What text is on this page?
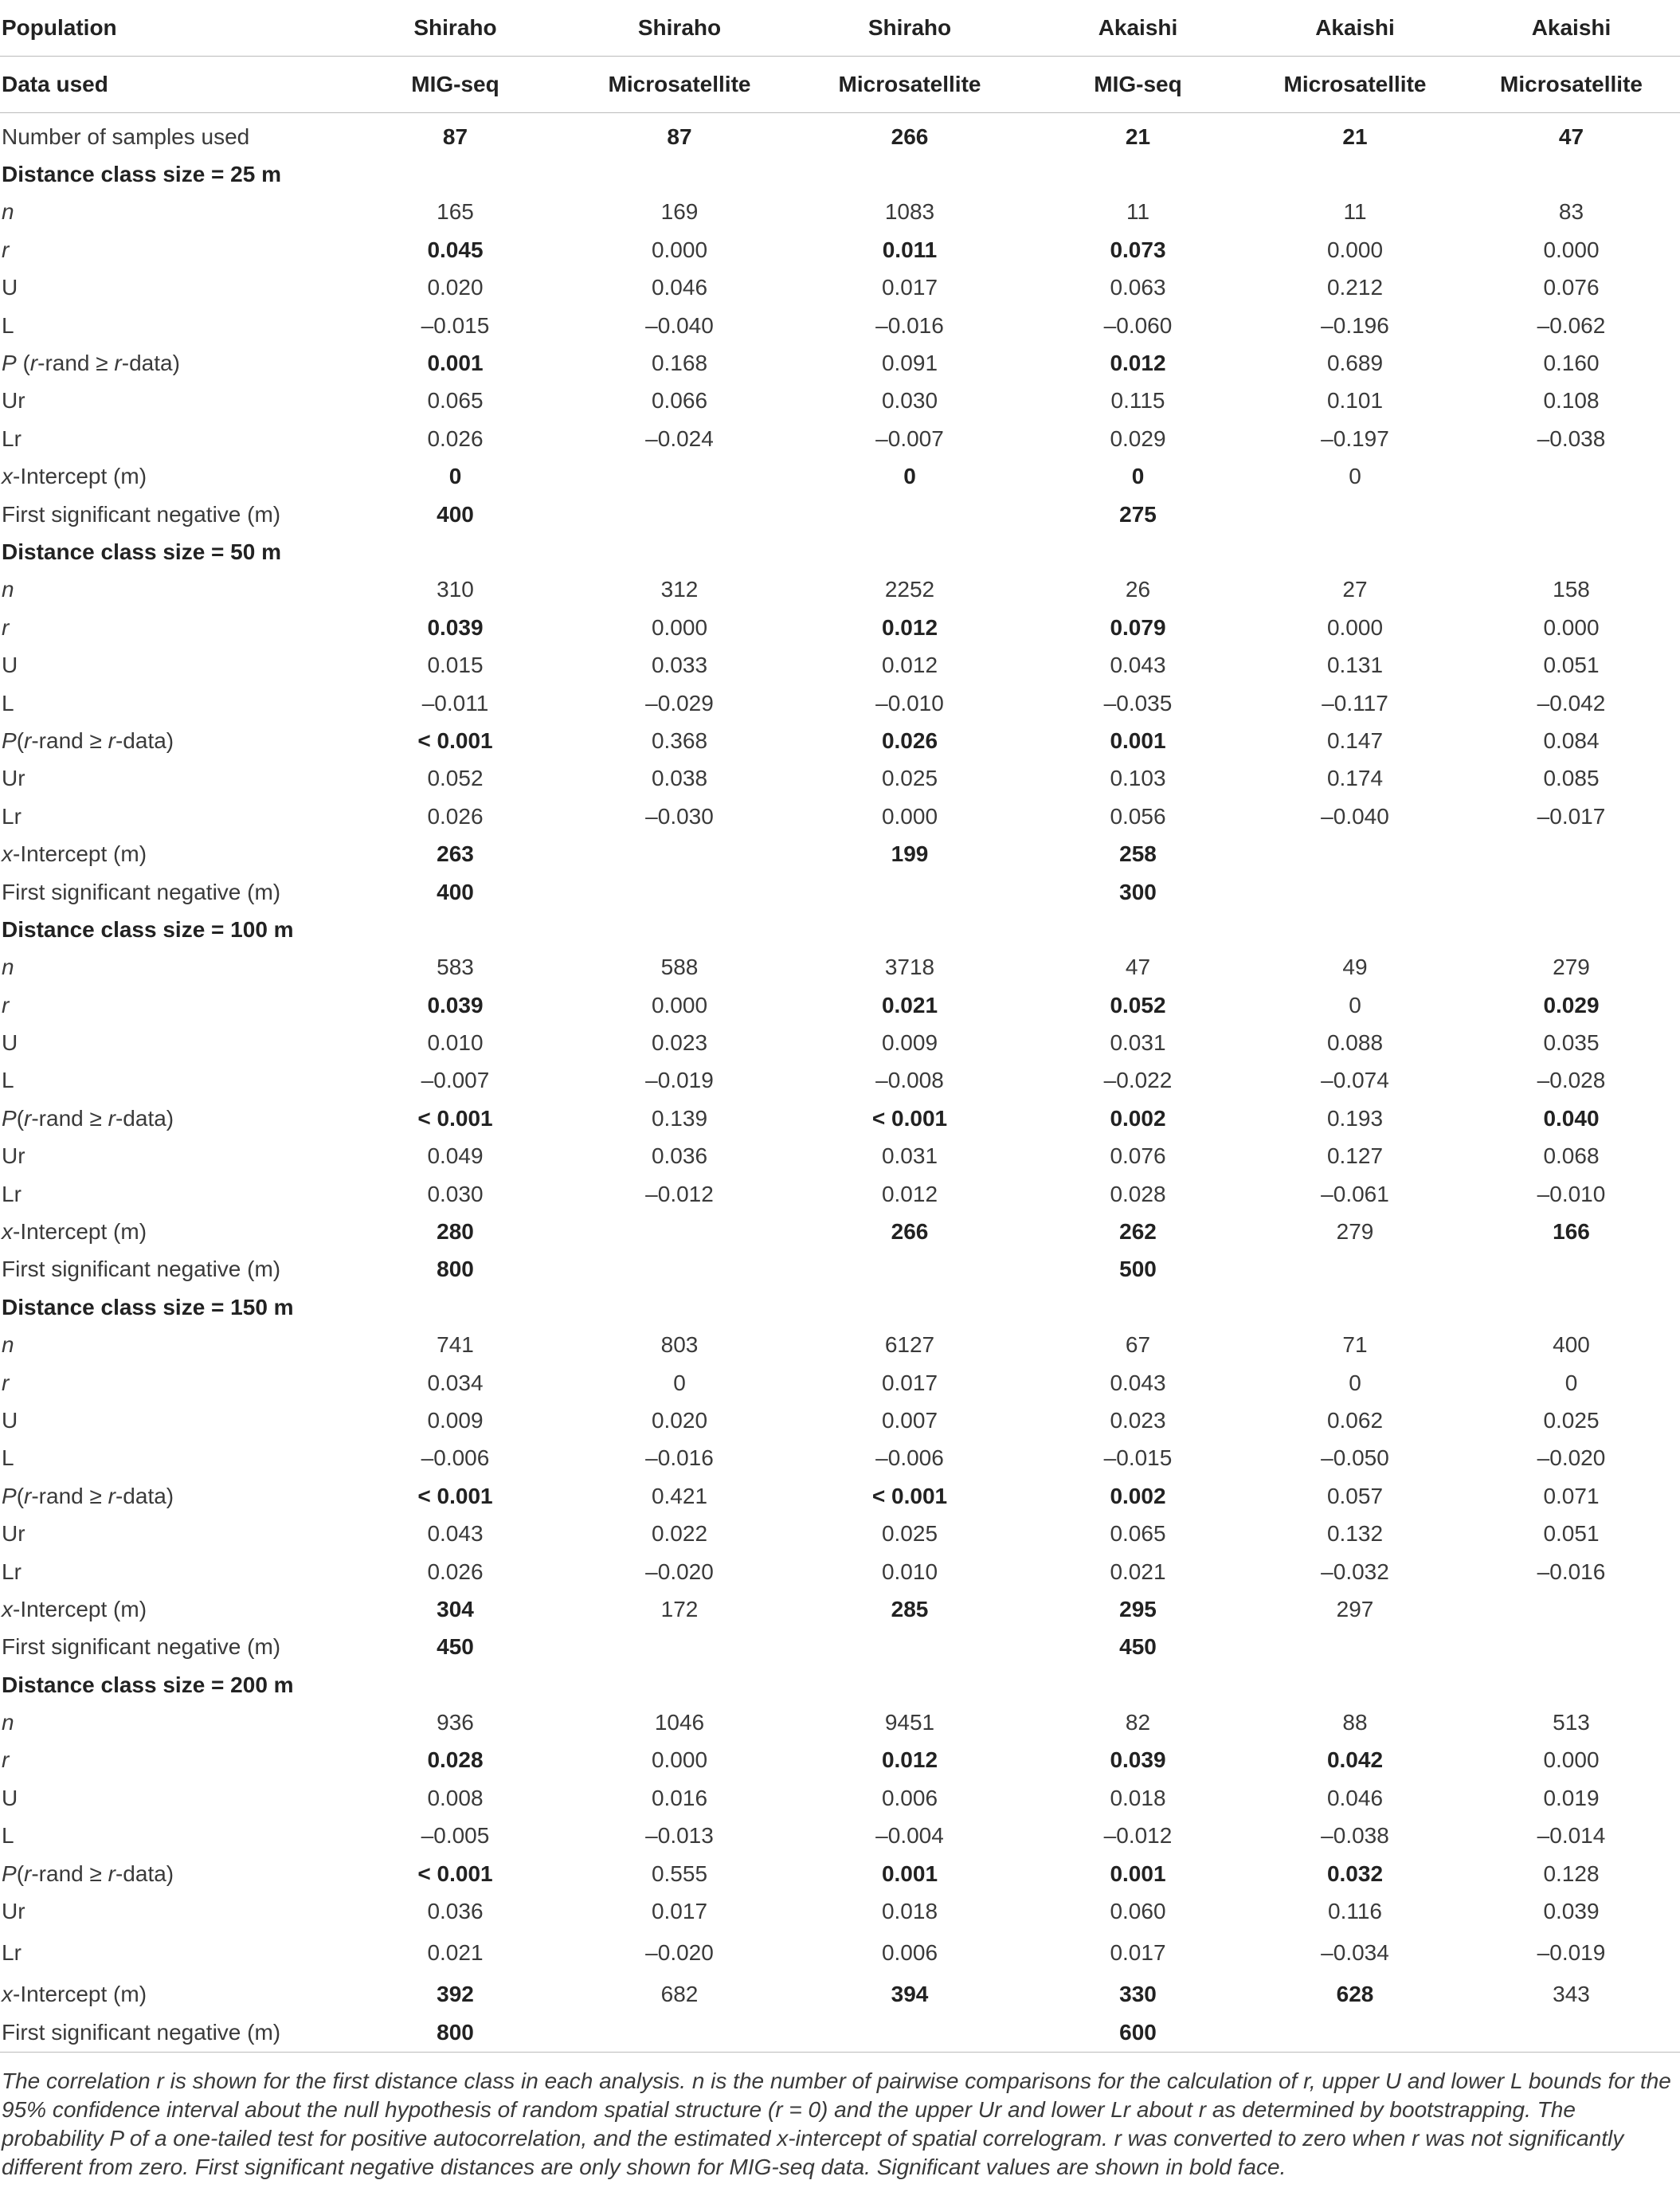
Population	Shiraho	Shiraho	Shiraho	Akaishi	Akaishi	Akaishi
Data used	MIG-seq	Microsatellite	Microsatellite	MIG-seq	Microsatellite	Microsatellite
Number of samples used	87	87	266	21	21	47
Distance class size = 25 m						
n	165	169	1083	11	11	83
r	0.045	0.000	0.011	0.073	0.000	0.000
U	0.020	0.046	0.017	0.063	0.212	0.076
L	–0.015	–0.040	–0.016	–0.060	–0.196	–0.062
P (r-rand ≥ r-data)	0.001	0.168	0.091	0.012	0.689	0.160
Ur	0.065	0.066	0.030	0.115	0.101	0.108
Lr	0.026	–0.024	–0.007	0.029	–0.197	–0.038
x-Intercept (m)	0		0	0	0	
First significant negative (m)	400			275		
Distance class size = 50 m						
n	310	312	2252	26	27	158
r	0.039	0.000	0.012	0.079	0.000	0.000
U	0.015	0.033	0.012	0.043	0.131	0.051
L	–0.011	–0.029	–0.010	–0.035	–0.117	–0.042
P(r-rand ≥ r-data)	< 0.001	0.368	0.026	0.001	0.147	0.084
Ur	0.052	0.038	0.025	0.103	0.174	0.085
Lr	0.026	–0.030	0.000	0.056	–0.040	–0.017
x-Intercept (m)	263		199	258		
First significant negative (m)	400			300		
Distance class size = 100 m						
n	583	588	3718	47	49	279
r	0.039	0.000	0.021	0.052	0	0.029
U	0.010	0.023	0.009	0.031	0.088	0.035
L	–0.007	–0.019	–0.008	–0.022	–0.074	–0.028
P(r-rand ≥ r-data)	< 0.001	0.139	< 0.001	0.002	0.193	0.040
Ur	0.049	0.036	0.031	0.076	0.127	0.068
Lr	0.030	–0.012	0.012	0.028	–0.061	–0.010
x-Intercept (m)	280		266	262	279	166
First significant negative (m)	800			500		
Distance class size = 150 m						
n	741	803	6127	67	71	400
r	0.034	0	0.017	0.043	0	0
U	0.009	0.020	0.007	0.023	0.062	0.025
L	–0.006	–0.016	–0.006	–0.015	–0.050	–0.020
P(r-rand ≥ r-data)	< 0.001	0.421	< 0.001	0.002	0.057	0.071
Ur	0.043	0.022	0.025	0.065	0.132	0.051
Lr	0.026	–0.020	0.010	0.021	–0.032	–0.016
x-Intercept (m)	304	172	285	295	297	
First significant negative (m)	450			450		
Distance class size = 200 m						
n	936	1046	9451	82	88	513
r	0.028	0.000	0.012	0.039	0.042	0.000
U	0.008	0.016	0.006	0.018	0.046	0.019
L	–0.005	–0.013	–0.004	–0.012	–0.038	–0.014
P(r-rand ≥ r-data)	< 0.001	0.555	0.001	0.001	0.032	0.128
Ur	0.036	0.017	0.018	0.060	0.116	0.039
Lr	0.021	–0.020	0.006	0.017	–0.034	–0.019
x-Intercept (m)	392	682	394	330	628	343
First significant negative (m)	800			600		

The correlation r is shown for the first distance class in each analysis. n is the number of pairwise comparisons for the calculation of r, upper U and lower L bounds for the 95% confidence interval about the null hypothesis of random spatial structure (r = 0) and the upper Ur and lower Lr about r as determined by bootstrapping. The probability P of a one-tailed test for positive autocorrelation, and the estimated x-intercept of spatial correlogram. r was converted to zero when r was not significantly different from zero. First significant negative distances are only shown for MIG-seq data. Significant values are shown in bold face.
